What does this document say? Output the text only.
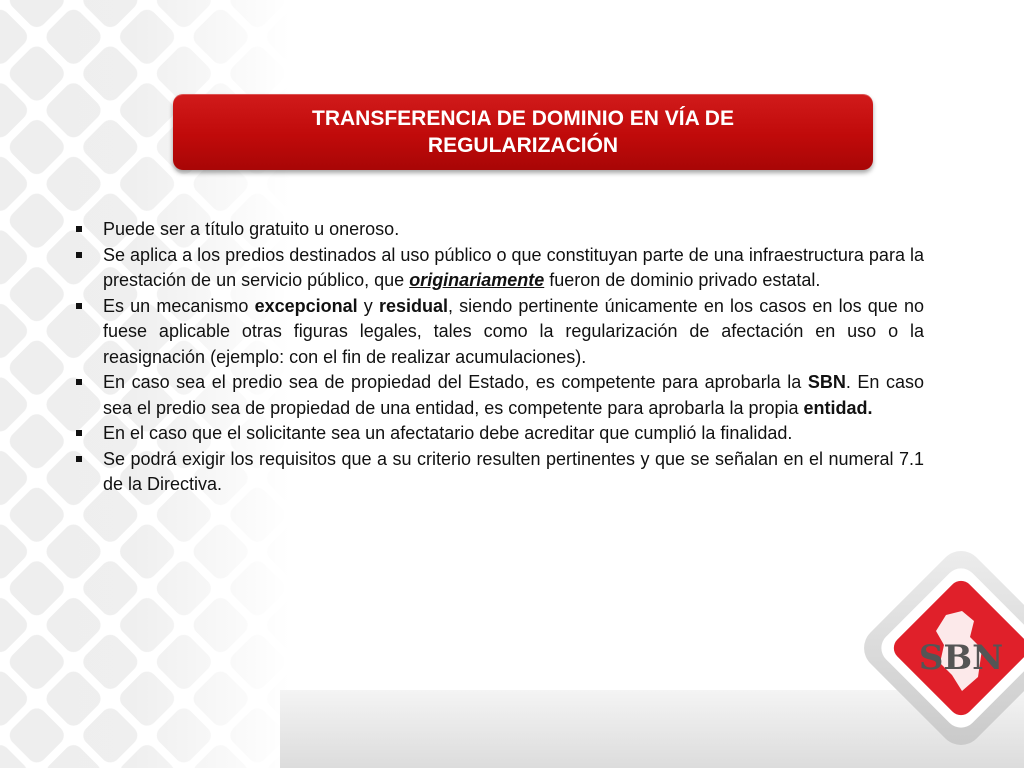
TRANSFERENCIA DE DOMINIO EN VÍA DE REGULARIZACIÓN
Puede ser a título gratuito u oneroso.
Se aplica a los predios destinados al uso público o que constituyan parte de una infraestructura para la prestación de un servicio público, que originariamente fueron de dominio privado estatal.
Es un mecanismo excepcional y residual, siendo pertinente únicamente en los casos en los que no fuese aplicable otras figuras legales, tales como la regularización de afectación en uso o la reasignación (ejemplo: con el fin de realizar acumulaciones).
En caso sea el predio sea de propiedad del Estado, es competente para aprobarla la SBN. En caso sea el predio sea de propiedad de una entidad, es competente para aprobarla la propia entidad.
En el caso que el solicitante sea un afectatario debe acreditar que cumplió la finalidad.
Se podrá exigir los requisitos que a su criterio resulten pertinentes y que se señalan en el numeral 7.1 de la Directiva.
SBN
